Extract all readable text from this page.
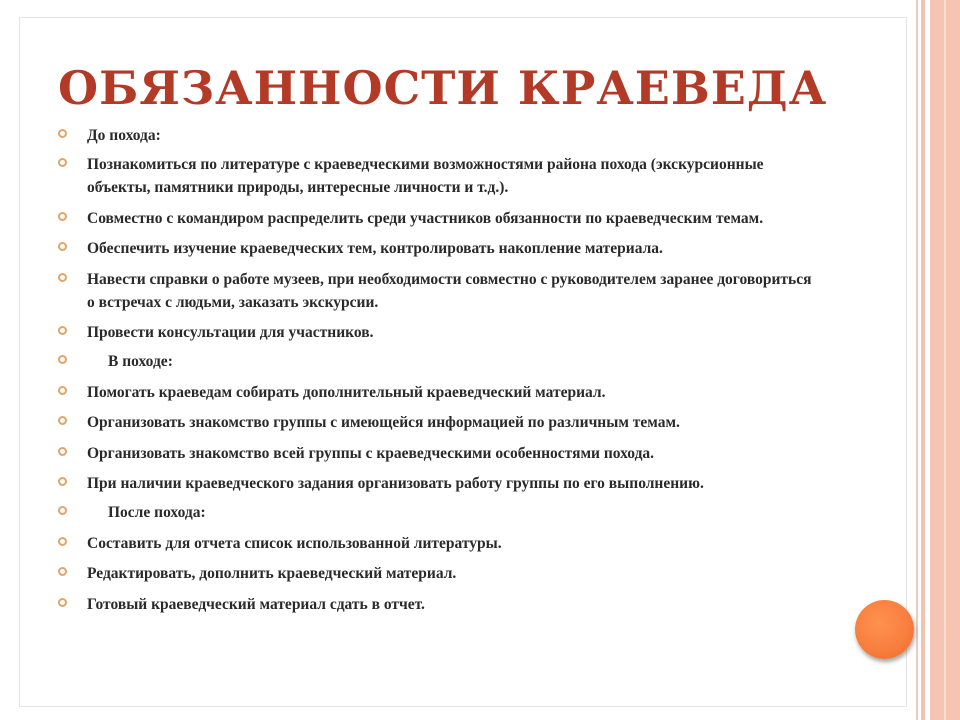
ОБЯЗАННОСТИ КРАЕВЕДА
До похода:
Познакомиться по литературе с краеведческими возможностями района похода (экскурсионные объекты, памятники природы, интересные личности и т.д.).
Совместно с командиром распределить среди участников обязанности по краеведческим темам.
Обеспечить изучение краеведческих тем, контролировать накопление материала.
Навести справки о работе музеев, при необходимости совместно с руководителем заранее договориться о встречах с людьми, заказать экскурсии.
Провести консультации для участников.
В походе:
Помогать краеведам собирать дополнительный краеведческий материал.
Организовать знакомство группы с имеющейся информацией по различным темам.
Организовать знакомство всей группы с краеведческими особенностями похода.
При наличии краеведческого задания организовать работу группы по его выполнению.
После похода:
Составить для отчета список использованной литературы.
Редактировать, дополнить краеведческий материал.
Готовый краеведческий материал сдать в отчет.
